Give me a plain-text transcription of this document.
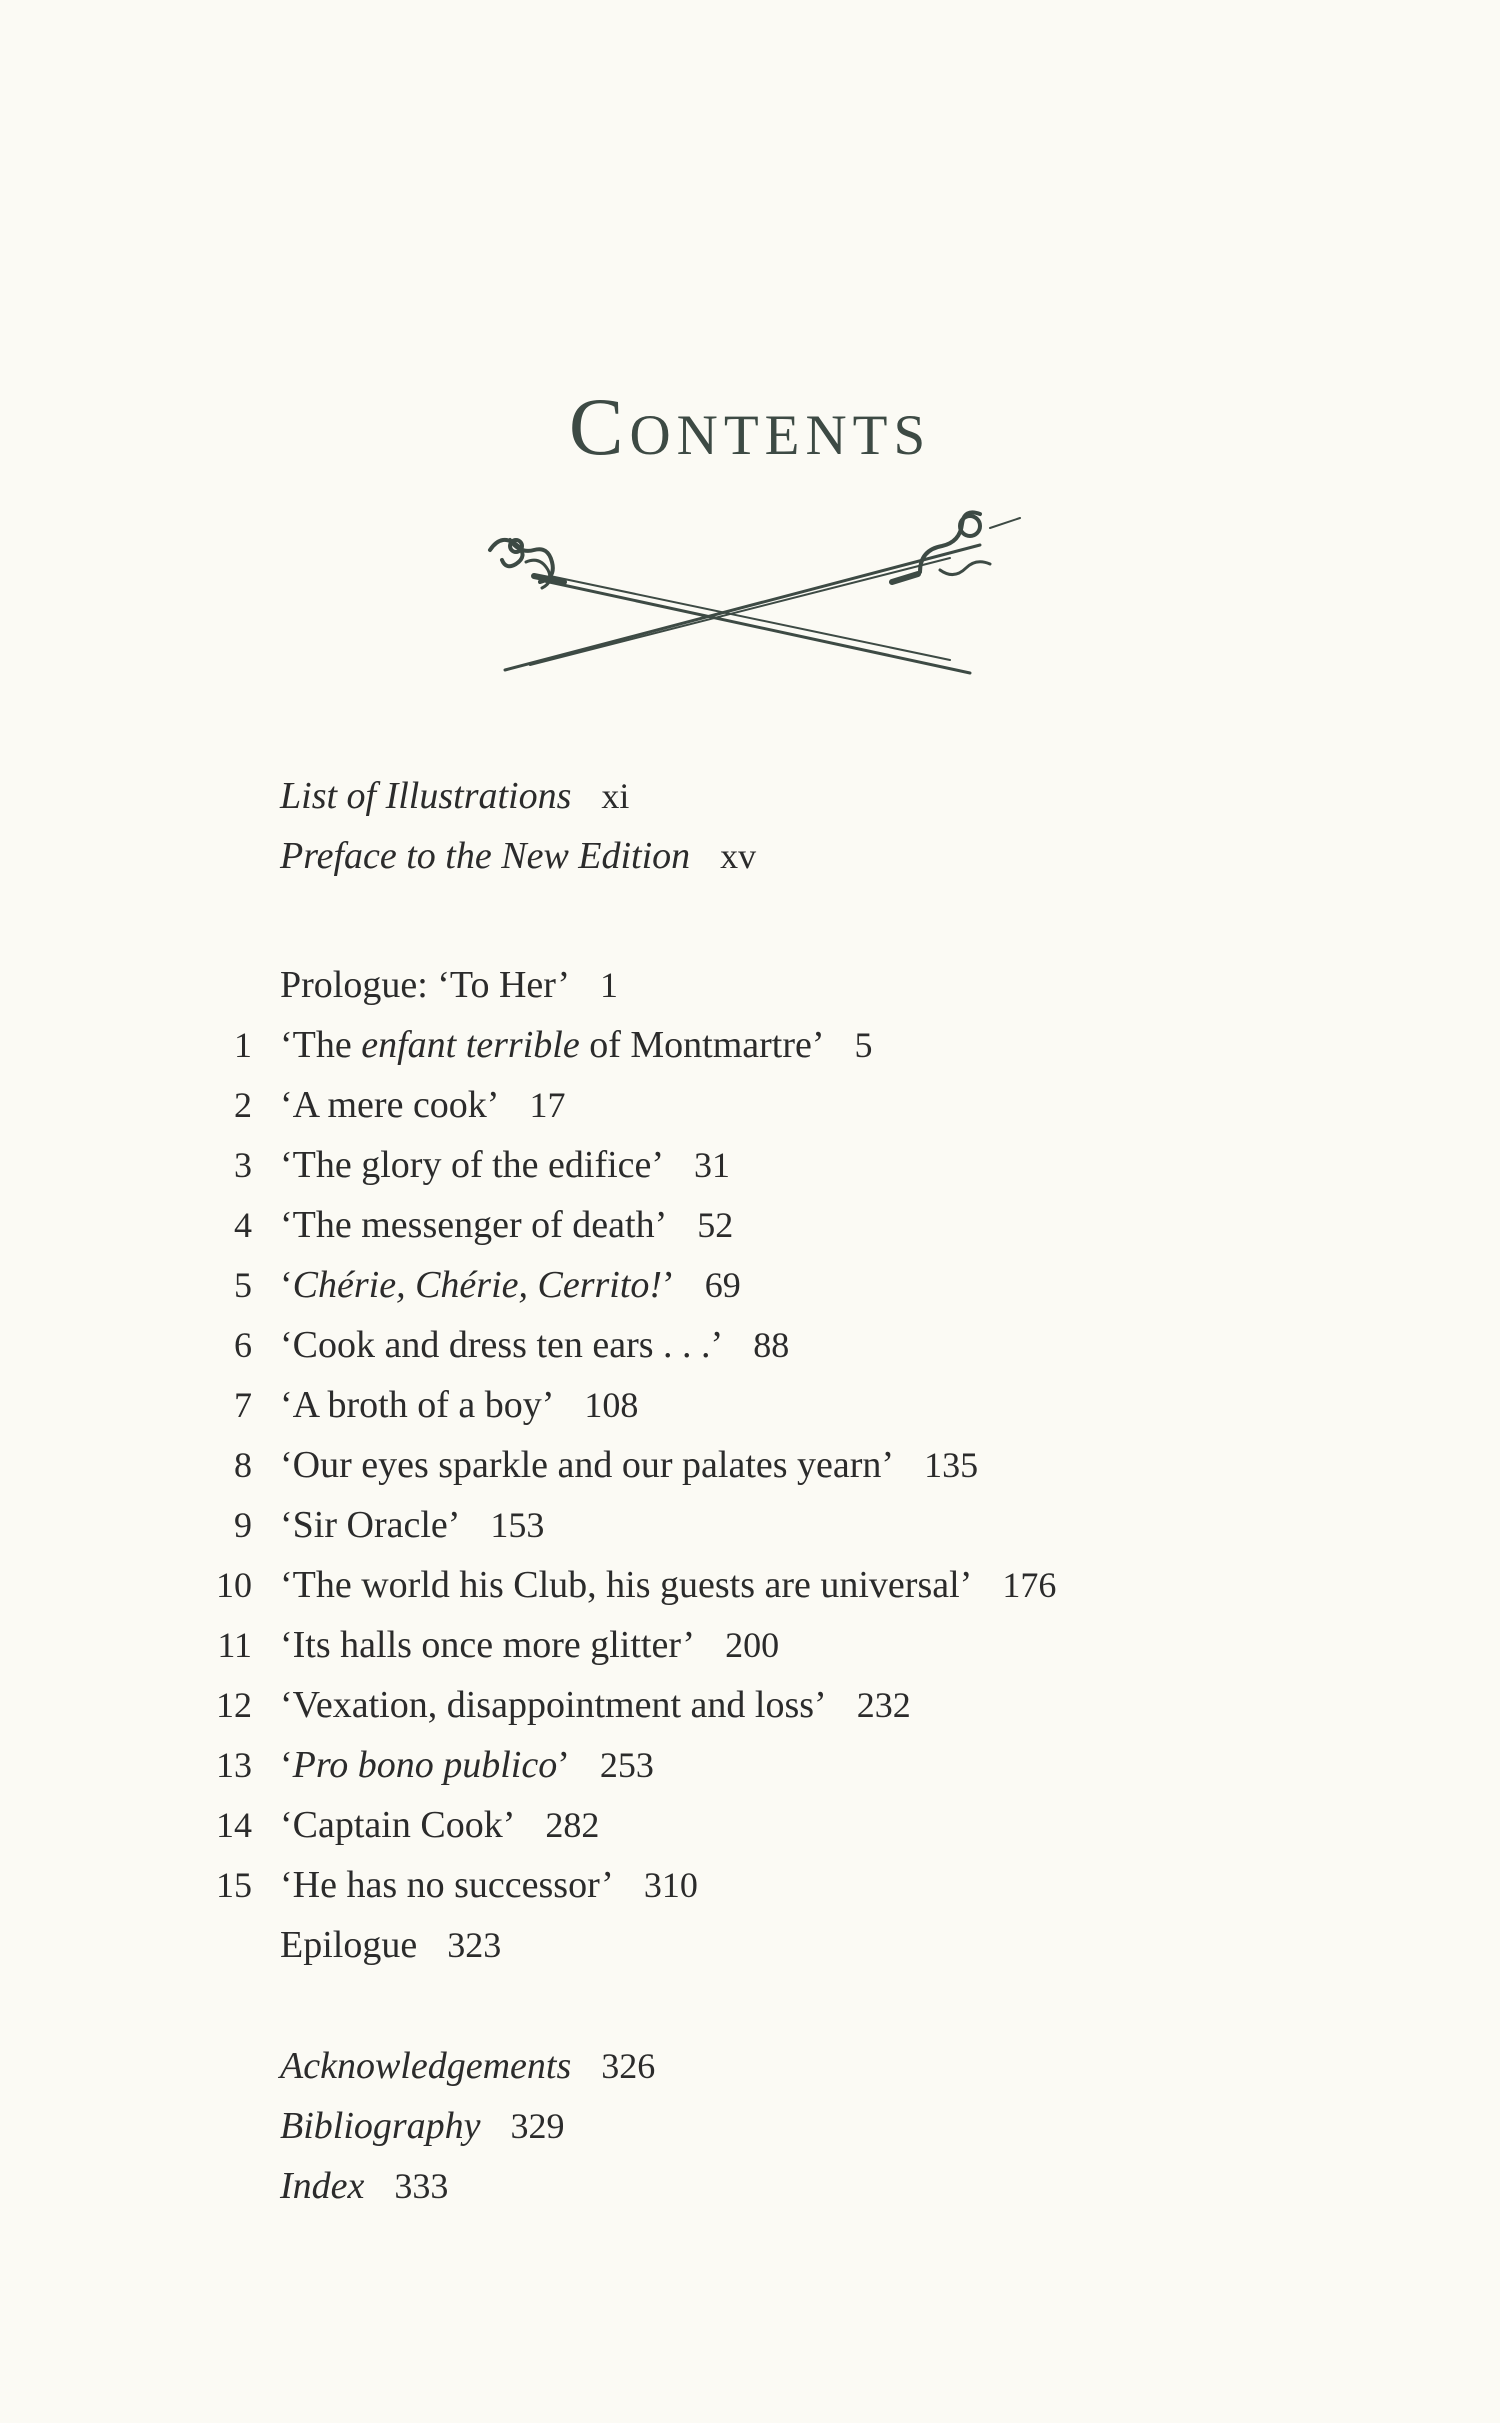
Contents
List of Illustrations xi
Preface to the New Edition xv
Prologue: ‘To Her’ 1
1 ‘The enfant terrible of Montmartre’ 5
2 ‘A mere cook’ 17
3 ‘The glory of the edifice’ 31
4 ‘The messenger of death’ 52
5 ‘Chérie, Chérie, Cerrito!’ 69
6 ‘Cook and dress ten ears . . .’ 88
7 ‘A broth of a boy’ 108
8 ‘Our eyes sparkle and our palates yearn’ 135
9 ‘Sir Oracle’ 153
10 ‘The world his Club, his guests are universal’ 176
11 ‘Its halls once more glitter’ 200
12 ‘Vexation, disappointment and loss’ 232
13 ‘Pro bono publico’ 253
14 ‘Captain Cook’ 282
15 ‘He has no successor’ 310
Epilogue 323
Acknowledgements 326
Bibliography 329
Index 333
